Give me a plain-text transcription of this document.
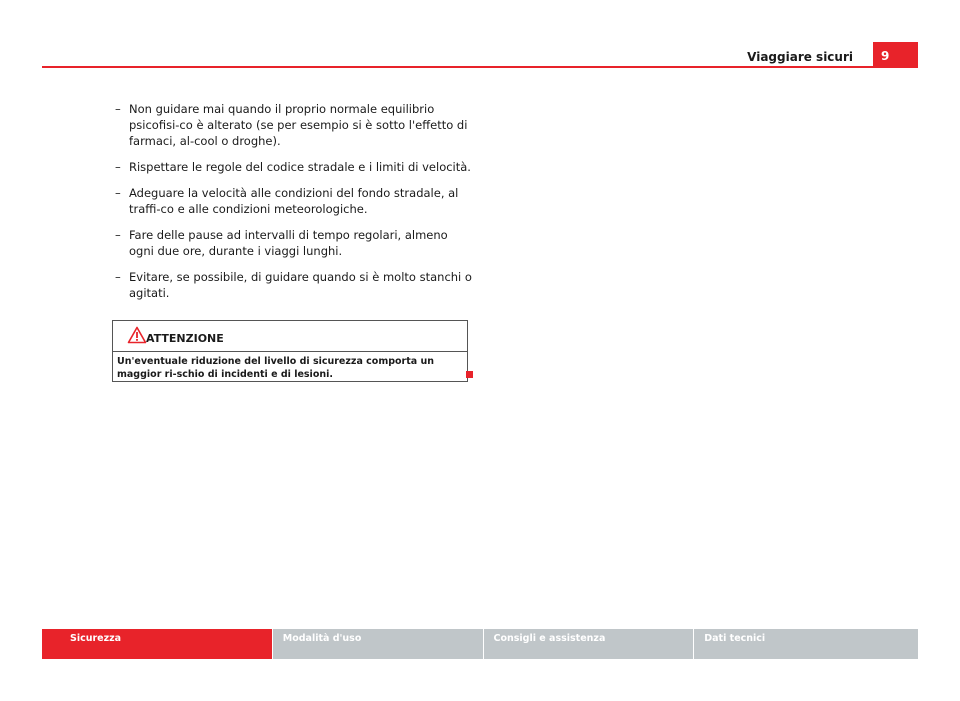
Viaggiare sicuri	9
– Non guidare mai quando il proprio normale equilibrio psicofisi-co è alterato (se per esempio si è sotto l'effetto di farmaci, al-cool o droghe).
– Rispettare le regole del codice stradale e i limiti di velocità.
– Adeguare la velocità alle condizioni del fondo stradale, al traffi-co e alle condizioni meteorologiche.
– Fare delle pause ad intervalli di tempo regolari, almeno ogni due ore, durante i viaggi lunghi.
– Evitare, se possibile, di guidare quando si è molto stanchi o agitati.
ATTENZIONE
Un'eventuale riduzione del livello di sicurezza comporta un maggior ri-schio di incidenti e di lesioni.
Sicurezza	Modalità d'uso	Consigli e assistenza	Dati tecnici
